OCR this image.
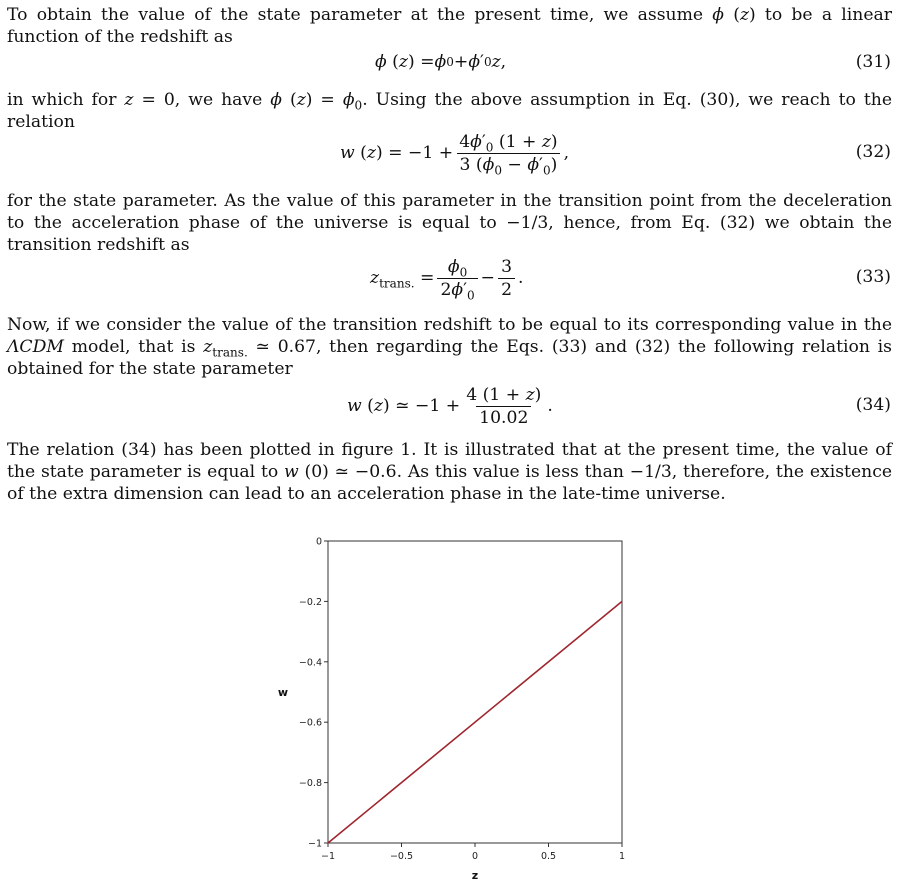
To obtain the value of the state parameter at the present time, we assume ϕ (z) to be a linear function of the redshift as
ϕ ( z ) = ϕ 0 + ϕ ′ 0 z ,	(31)
in which for z = 0, we have ϕ $(z) = \phi_0$. Using the above assumption in Eq. (30), we reach to the relation
w $(z) = -1 + \frac{4\phi'_0 (1 + z)}{3 (\phi_0 - \phi'_0)}$ ,	(32)
for the state parameter. As the value of this parameter in the transition point from the deceleration to the acceleration phase of the universe is equal to −1/3, hence, from Eq. (32) we obtain the transition redshift as
$z_{trans.} = \frac{\phi_0}{2\phi'_0} - \frac{3}{2}$ .	(33)
Now, if we consider the value of the transition redshift to be equal to its corresponding value in the ΛCDM model, that is $z_{trans.}$ ≃ 0.67, then regarding the Eqs. (33) and (32) the following relation is obtained for the state parameter
w (z) ≃ $-1 + \frac{4 (1 + z)}{10.02}$ .	(34)
The relation (34) has been plotted in figure 1. It is illustrated that at the present time, the value of the state parameter is equal to w (0) ≃ −0.6. As this value is less than −1/3, therefore, the existence of the extra dimension can lead to an acceleration phase in the late-time universe.
0
−0.2
−0.4
−0.6
−0.8
−1
−1	−0.5	0	0.5	1
z
w
